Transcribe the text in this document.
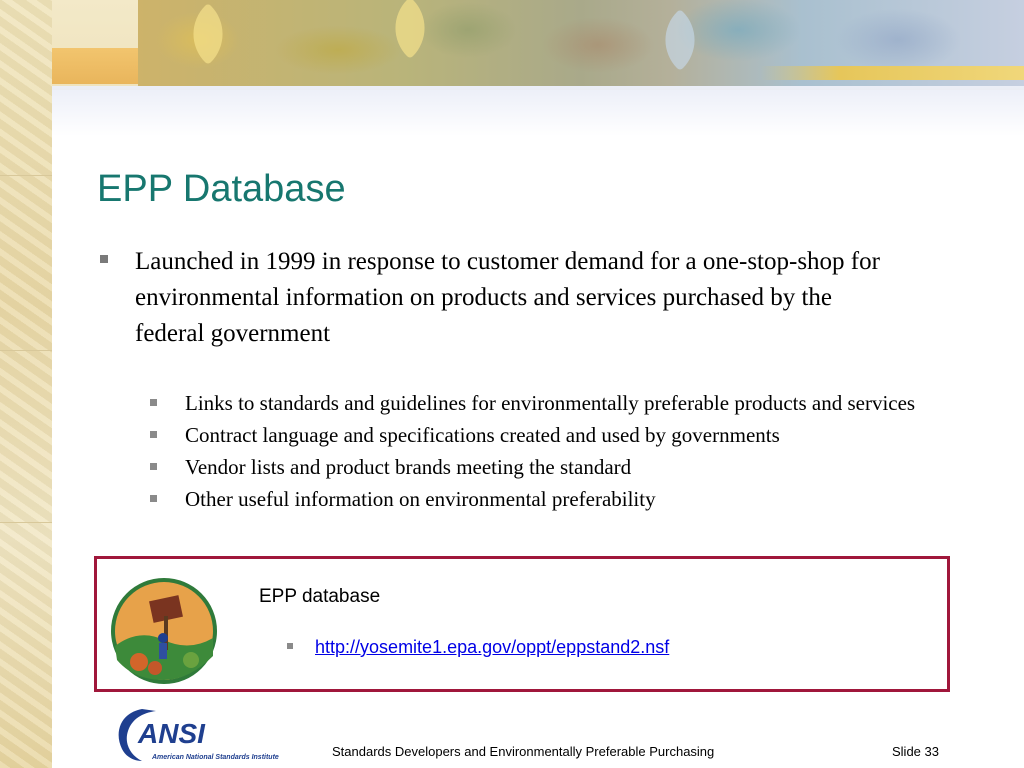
EPP Database
Launched in 1999 in response to customer demand for a one-stop-shop for environmental information on products and services purchased by the federal government
Links to standards and guidelines for environmentally preferable products and services
Contract language and specifications created and used by governments
Vendor lists and product brands meeting the standard
Other useful information on environmental preferability
EPP database
http://yosemite1.epa.gov/oppt/eppstand2.nsf
ANSI
American National Standards Institute	Standards Developers and Environmentally Preferable Purchasing	Slide 33
